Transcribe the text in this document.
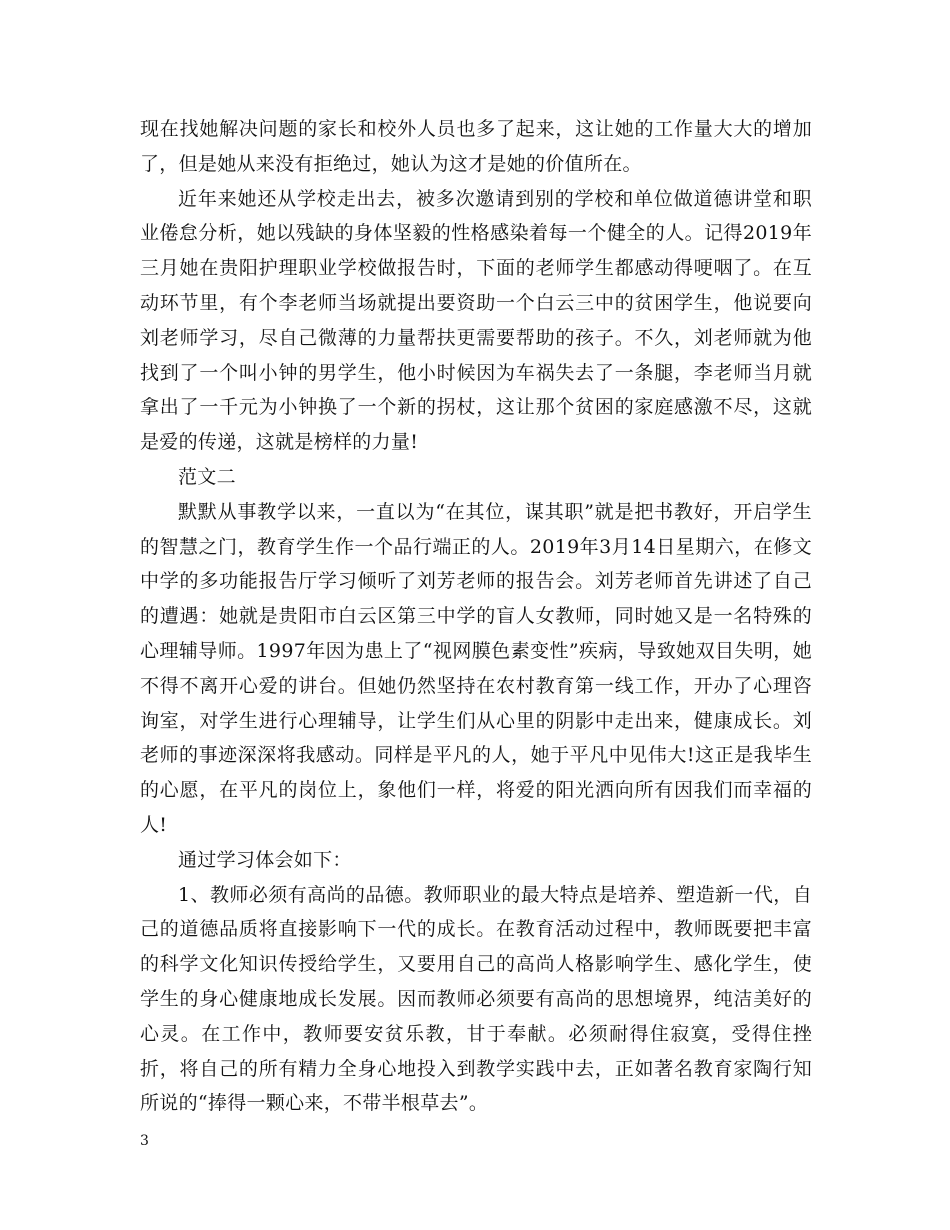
现在找她解决问题的家长和校外人员也多了起来，这让她的工作量大大的增加了，但是她从来没有拒绝过，她认为这才是她的价值所在。

近年来她还从学校走出去，被多次邀请到别的学校和单位做道德讲堂和职业倦怠分析，她以残缺的身体坚毅的性格感染着每一个健全的人。记得2019年三月她在贵阳护理职业学校做报告时，下面的老师学生都感动得哽咽了。在互动环节里，有个李老师当场就提出要资助一个白云三中的贫困学生，他说要向刘老师学习，尽自己微薄的力量帮扶更需要帮助的孩子。不久，刘老师就为他找到了一个叫小钟的男学生，他小时候因为车祸失去了一条腿，李老师当月就拿出了一千元为小钟换了一个新的拐杖，这让那个贫困的家庭感激不尽，这就是爱的传递，这就是榜样的力量!

范文二

默默从事教学以来，一直以为“在其位，谋其职”就是把书教好，开启学生的智慧之门，教育学生作一个品行端正的人。2019年3月14日星期六，在修文中学的多功能报告厅学习倾听了刘芳老师的报告会。刘芳老师首先讲述了自己的遭遇：她就是贵阳市白云区第三中学的盲人女教师，同时她又是一名特殊的心理辅导师。1997年因为患上了“视网膜色素变性”疾病，导致她双目失明，她不得不离开心爱的讲台。但她仍然坚持在农村教育第一线工作，开办了心理咨询室，对学生进行心理辅导，让学生们从心里的阴影中走出来，健康成长。刘老师的事迹深深将我感动。同样是平凡的人，她于平凡中见伟大!这正是我毕生的心愿，在平凡的岗位上，象他们一样，将爱的阳光洒向所有因我们而幸福的人!

通过学习体会如下：

1、教师必须有高尚的品德。教师职业的最大特点是培养、塑造新一代，自己的道德品质将直接影响下一代的成长。在教育活动过程中，教师既要把丰富的科学文化知识传授给学生，又要用自己的高尚人格影响学生、感化学生，使学生的身心健康地成长发展。因而教师必须要有高尚的思想境界，纯洁美好的心灵。在工作中，教师要安贫乐教，甘于奉献。必须耐得住寂寞，受得住挫折，将自己的所有精力全身心地投入到教学实践中去，正如著名教育家陶行知所说的“捧得一颗心来，不带半根草去”。

3
